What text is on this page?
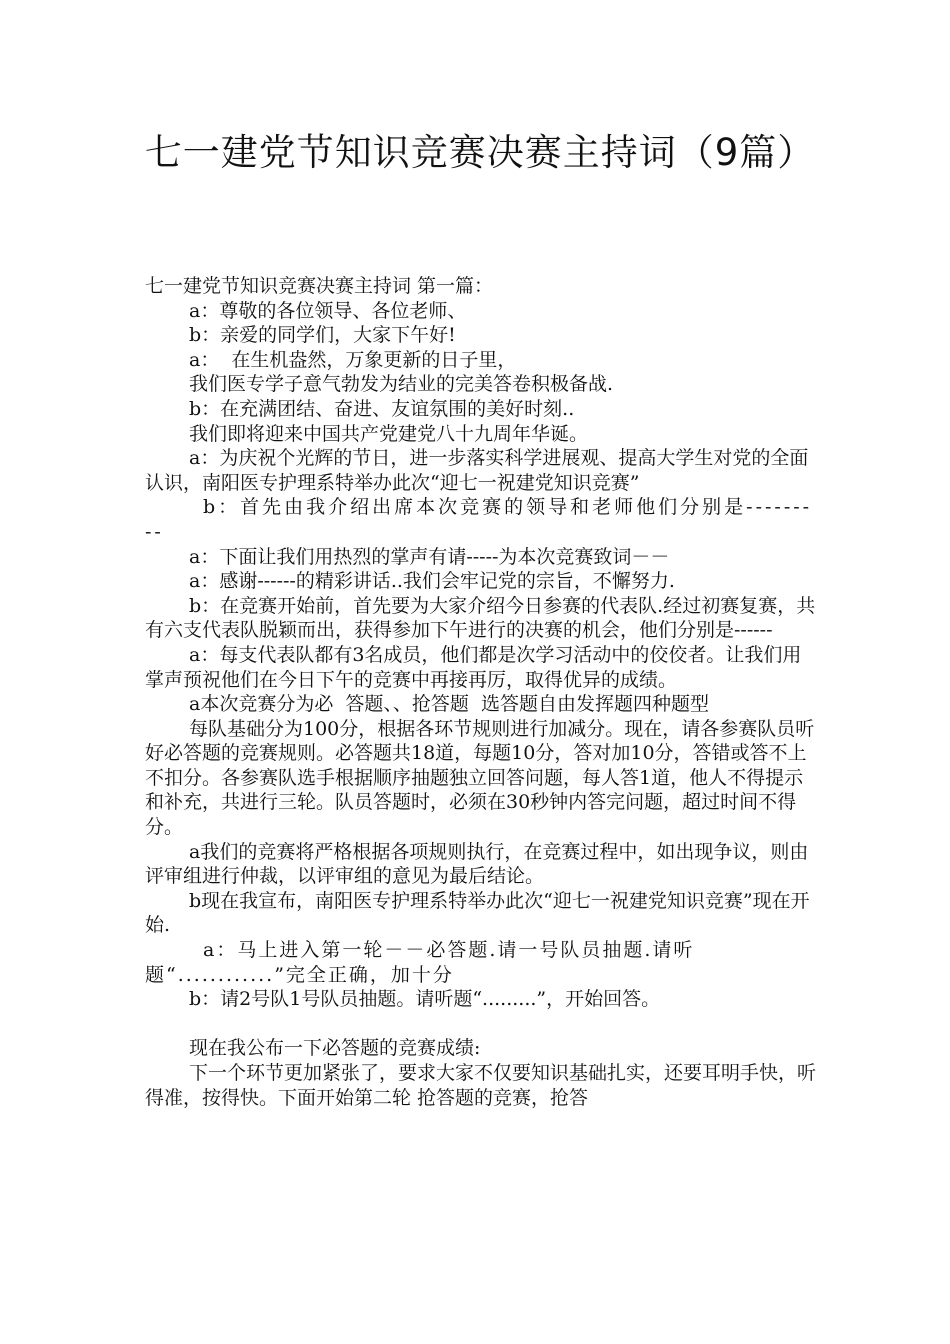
七一建党节知识竞赛决赛主持词（9篇）

七一建党节知识竞赛决赛主持词 第一篇：

a：尊敬的各位领导、各位老师、

b：亲爱的同学们，大家下午好!

a：  在生机盎然，万象更新的日子里，

我们医专学子意气勃发为结业的完美答卷积极备战.

b：在充满团结、奋进、友谊氛围的美好时刻..

我们即将迎来中国共产党建党八十九周年华诞。

a：为庆祝个光辉的节日，进一步落实科学进展观、提高大学生对党的全面认识，南阳医专护理系特举办此次“迎七一祝建党知识竞赛”

b：首先由我介绍出席本次竞赛的领导和老师他们分别是---------

a：下面让我们用热烈的掌声有请-----为本次竞赛致词－－

a：感谢------的精彩讲话..我们会牢记党的宗旨，不懈努力.

b：在竞赛开始前，首先要为大家介绍今日参赛的代表队.经过初赛复赛，共有六支代表队脱颖而出，获得参加下午进行的决赛的机会，他们分别是------

a：每支代表队都有3名成员，他们都是次学习活动中的佼佼者。让我们用掌声预祝他们在今日下午的竞赛中再接再厉，取得优异的成绩。

a本次竞赛分为必  答题、、抢答题  选答题自由发挥题四种题型

每队基础分为100分，根据各环节规则进行加减分。现在，请各参赛队员听好必答题的竞赛规则。必答题共18道，每题10分，答对加10分，答错或答不上不扣分。各参赛队选手根据顺序抽题独立回答问题，每人答1道，他人不得提示和补充，共进行三轮。队员答题时，必须在30秒钟内答完问题，超过时间不得分。

a我们的竞赛将严格根据各项规则执行，在竞赛过程中，如出现争议，则由评审组进行仲裁，以评审组的意见为最后结论。

b现在我宣布，南阳医专护理系特举办此次“迎七一祝建党知识竞赛”现在开始.

a：马上进入第一轮－－必答题.请一号队员抽题.请听题“............”完全正确，加十分

b：请2号队1号队员抽题。请听题“.........”，开始回答。

现在我公布一下必答题的竞赛成绩:

下一个环节更加紧张了，要求大家不仅要知识基础扎实，还要耳明手快，听得准，按得快。下面开始第二轮 抢答题的竞赛，抢答
